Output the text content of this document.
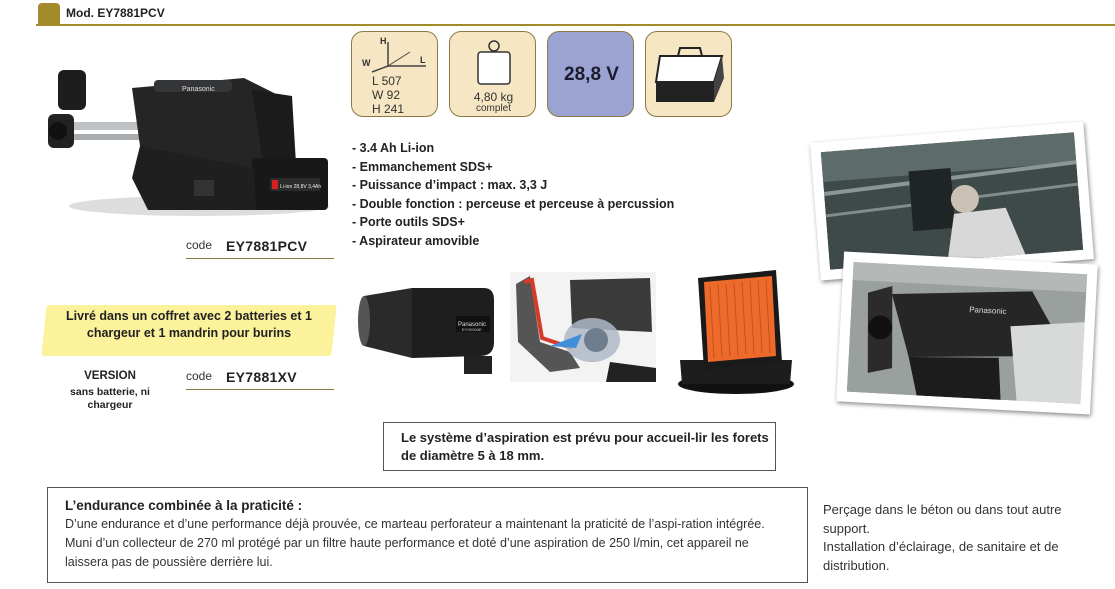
Mod. EY7881PCV
Panasonic
Li-ion 28,8V 3,4Ah
H
W	L
L 507
W 92
H 241
4,80 kg
complet
28,8 V
- 3.4 Ah Li-ion
- Emmanchement SDS+
- Puissance d’impact : max. 3,3 J
- Double fonction : perceuse et perceuse à percussion
- Porte outils SDS+
- Aspirateur amovible
code EY7881PCV
Livré dans un coffret avec 2 batteries et 1 chargeur et 1 mandrin pour burins
VERSION
sans batterie, ni chargeur
code EY7881XV
Panasonic
EY9X004E
Panasonic
Le système d’aspiration est prévu pour accueil-lir les forets de diamètre 5 à 18 mm.
L’endurance combinée à la praticité :
D’une endurance et d’une performance déjà prouvée, ce marteau perforateur a maintenant la praticité de l’aspi-ration intégrée. Muni d’un collecteur de 270 ml protégé par un filtre haute performance et doté d’une aspiration de 250 l/min, cet appareil ne laissera pas de poussière derrière lui.
Perçage dans le béton ou dans tout autre support.
Installation d’éclairage, de sanitaire et de distribution.
